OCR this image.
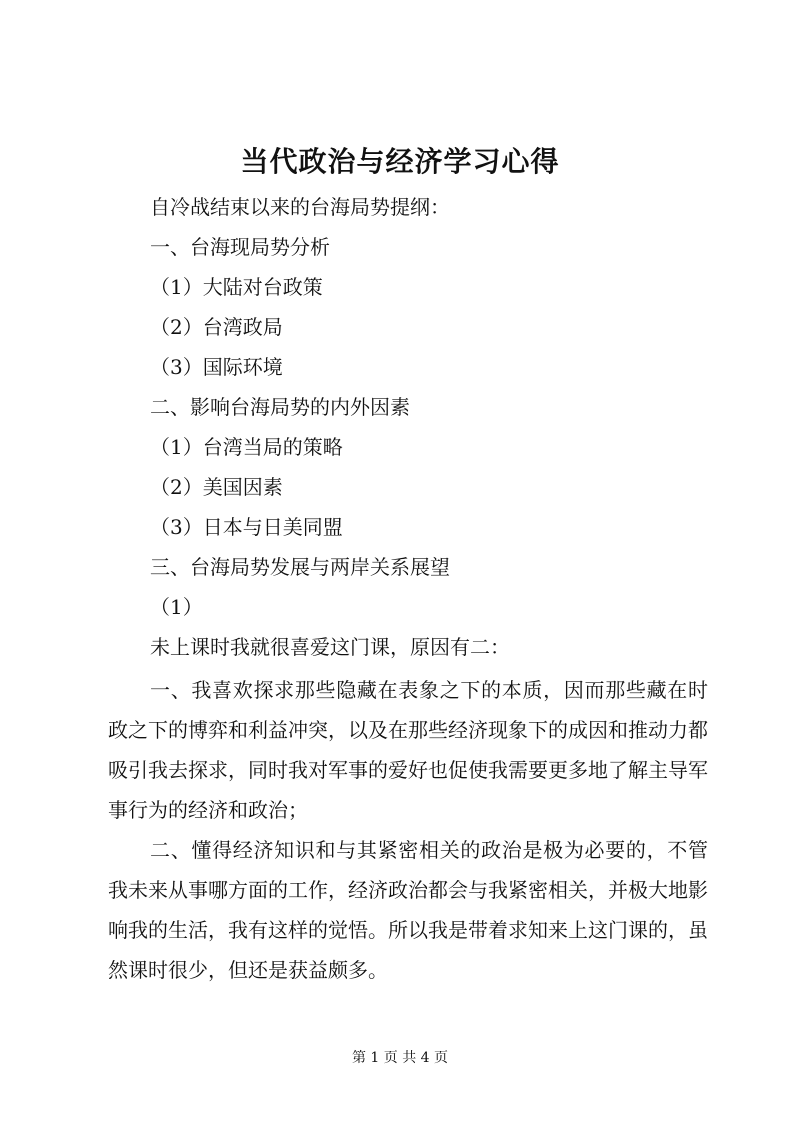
当代政治与经济学习心得
自冷战结束以来的台海局势提纲：
一、台海现局势分析
（1）大陆对台政策
（2）台湾政局
（3）国际环境
二、影响台海局势的内外因素
（1）台湾当局的策略
（2）美国因素
（3）日本与日美同盟
三、台海局势发展与两岸关系展望
（1）
未上课时我就很喜爱这门课，原因有二：

一、我喜欢探求那些隐藏在表象之下的本质，因而那些藏在时政之下的博弈和利益冲突，以及在那些经济现象下的成因和推动力都吸引我去探求，同时我对军事的爱好也促使我需要更多地了解主导军事行为的经济和政治；

二、懂得经济知识和与其紧密相关的政治是极为必要的，不管我未来从事哪方面的工作，经济政治都会与我紧密相关，并极大地影响我的生活，我有这样的觉悟。所以我是带着求知来上这门课的，虽然课时很少，但还是获益颇多。

第 1 页 共 4 页
